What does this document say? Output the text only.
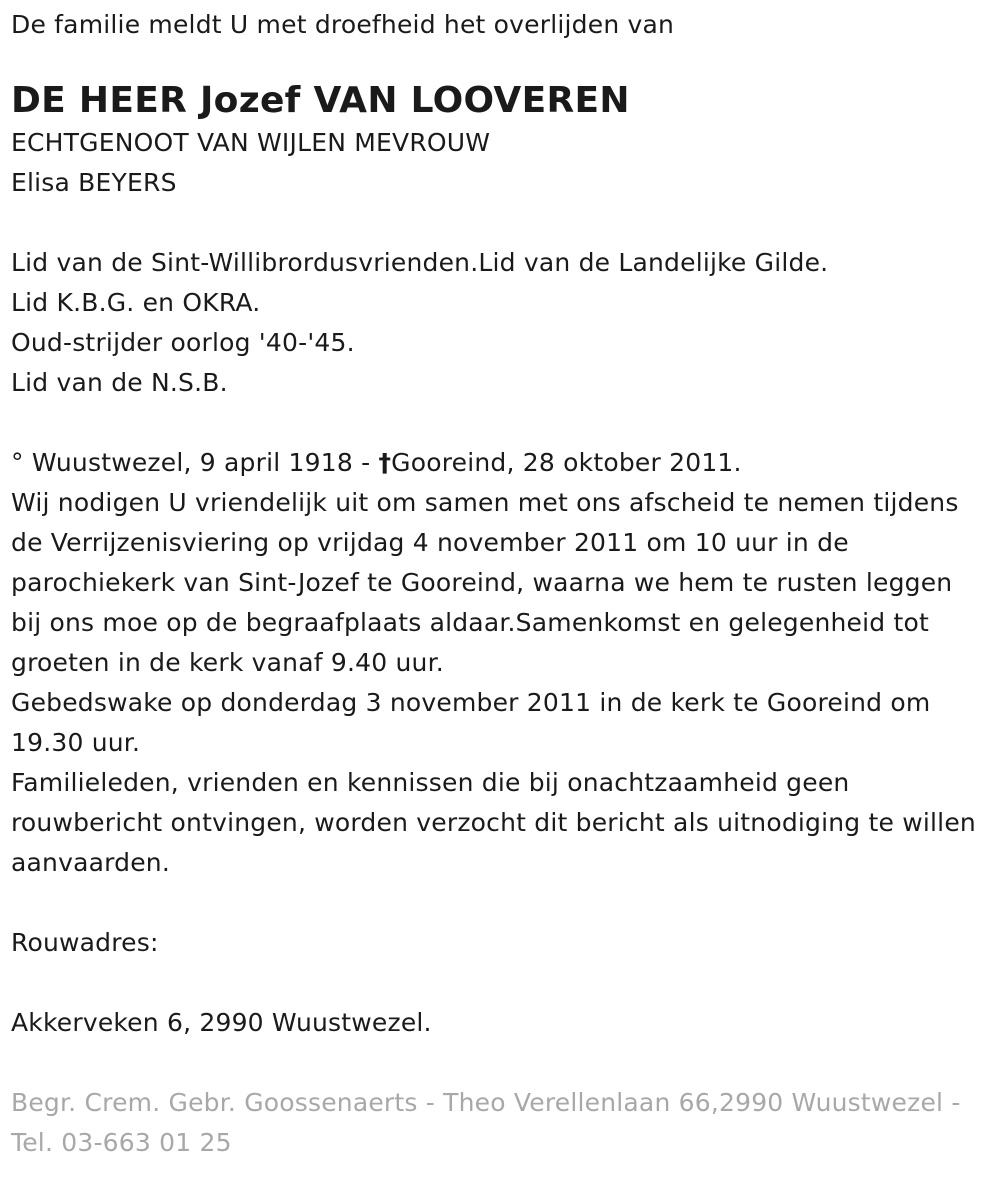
De familie meldt U met droefheid het overlijden van
DE HEER Jozef VAN LOOVEREN
ECHTGENOOT VAN WIJLEN MEVROUW
Elisa BEYERS
Lid van de Sint-Willibrordusvrienden.Lid van de Landelijke Gilde.
Lid K.B.G. en OKRA.
Oud-strijder oorlog '40-'45.
Lid van de N.S.B.
° Wuustwezel, 9 april 1918 - †Gooreind, 28 oktober 2011.
Wij nodigen U vriendelijk uit om samen met ons afscheid te nemen tijdens de Verrijzenisviering op vrijdag 4 november 2011 om 10 uur in de parochiekerk van Sint-Jozef te Gooreind, waarna we hem te rusten leggen bij ons moe op de begraafplaats aldaar.Samenkomst en gelegenheid tot groeten in de kerk vanaf 9.40 uur.
Gebedswake op donderdag 3 november 2011 in de kerk te Gooreind om 19.30 uur.
Familieleden, vrienden en kennissen die bij onachtzaamheid geen rouwbericht ontvingen, worden verzocht dit bericht als uitnodiging te willen aanvaarden.
Rouwadres:
Akkerveken 6, 2990 Wuustwezel.
Begr. Crem. Gebr. Goossenaerts - Theo Verellenlaan 66,2990 Wuustwezel - Tel. 03-663 01 25
